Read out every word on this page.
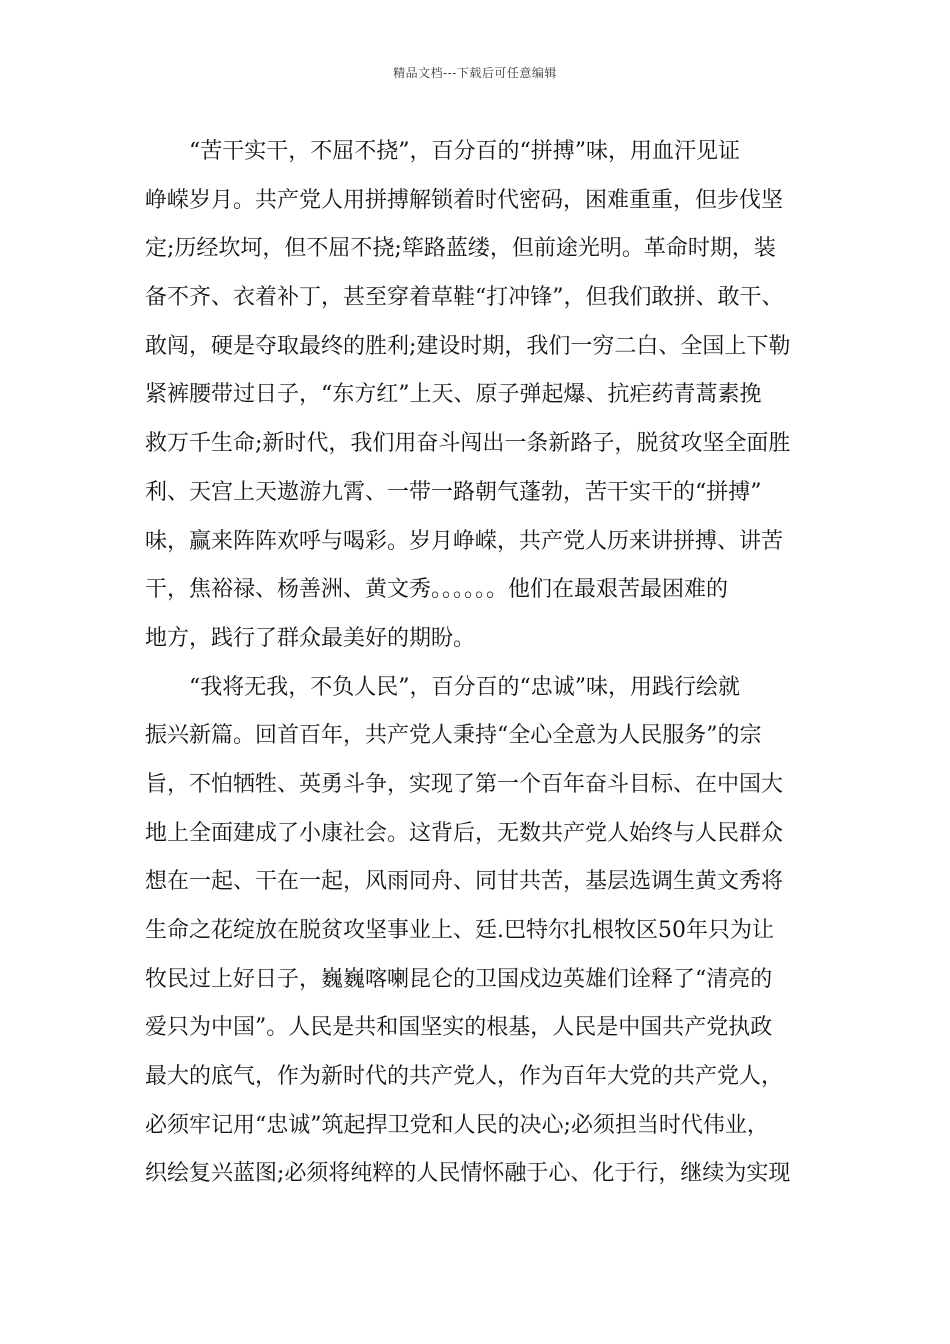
精品文档---下载后可任意编辑
　　“苦干实干，不屈不挠”，百分百的“拼搏”味，用血汗见证
峥嵘岁月。共产党人用拼搏解锁着时代密码，困难重重，但步伐坚
定;历经坎坷，但不屈不挠;筚路蓝缕，但前途光明。革命时期，装
备不齐、衣着补丁，甚至穿着草鞋“打冲锋”，但我们敢拼、敢干、
敢闯，硬是夺取最终的胜利;建设时期，我们一穷二白、全国上下勒
紧裤腰带过日子，“东方红”上天、原子弹起爆、抗疟药青蒿素挽
救万千生命;新时代，我们用奋斗闯出一条新路子，脱贫攻坚全面胜
利、天宫上天遨游九霄、一带一路朝气蓬勃，苦干实干的“拼搏”
味，赢来阵阵欢呼与喝彩。岁月峥嵘，共产党人历来讲拼搏、讲苦
干，焦裕禄、杨善洲、黄文秀。。。。。。他们在最艰苦最困难的
地方，践行了群众最美好的期盼。
　　“我将无我，不负人民”，百分百的“忠诚”味，用践行绘就
振兴新篇。回首百年，共产党人秉持“全心全意为人民服务”的宗
旨，不怕牺牲、英勇斗争，实现了第一个百年奋斗目标、在中国大
地上全面建成了小康社会。这背后，无数共产党人始终与人民群众
想在一起、干在一起，风雨同舟、同甘共苦，基层选调生黄文秀将
生命之花绽放在脱贫攻坚事业上、廷.巴特尔扎根牧区50年只为让
牧民过上好日子，巍巍喀喇昆仑的卫国戍边英雄们诠释了“清亮的
爱只为中国”。人民是共和国坚实的根基，人民是中国共产党执政
最大的底气，作为新时代的共产党人，作为百年大党的共产党人，
必须牢记用“忠诚”筑起捍卫党和人民的决心;必须担当时代伟业，
织绘复兴蓝图;必须将纯粹的人民情怀融于心、化于行，继续为实现
